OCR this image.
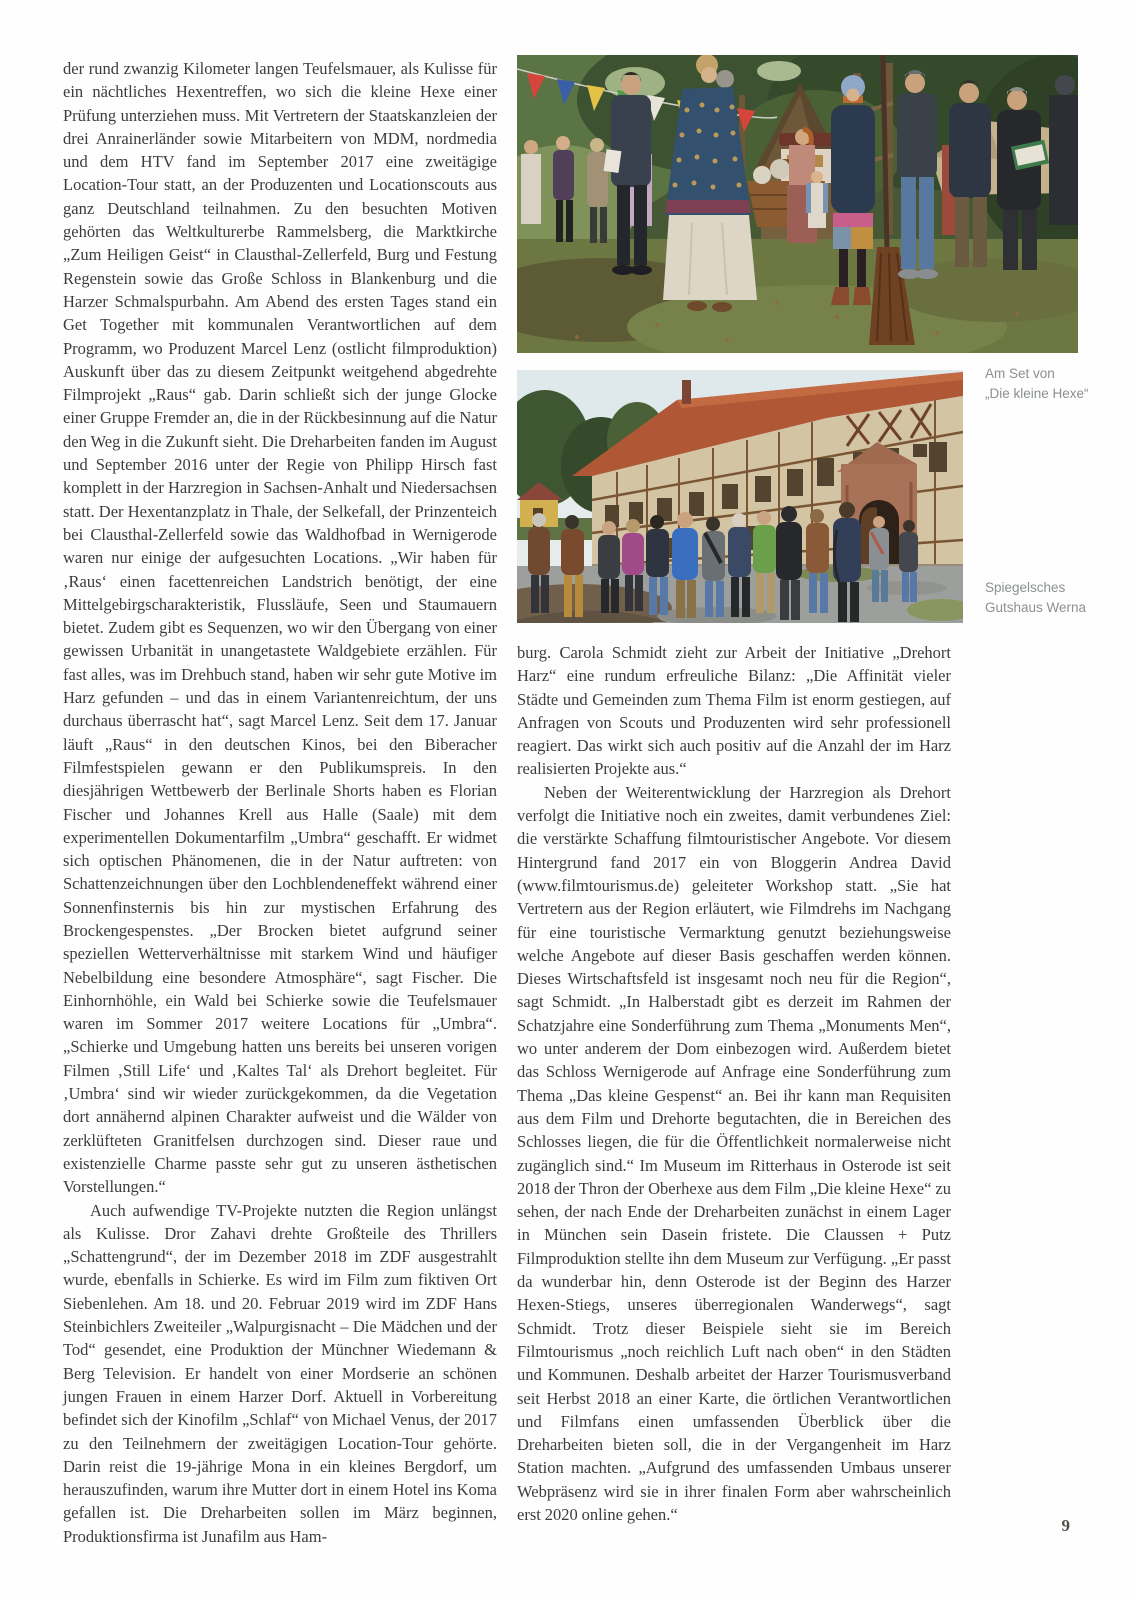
der rund zwanzig Kilometer langen Teufelsmauer, als Kulisse für ein nächtliches Hexentreffen, wo sich die kleine Hexe einer Prüfung unterziehen muss. Mit Vertretern der Staatskanzleien der drei Anrainerländer sowie Mitarbeitern von MDM, nordmedia und dem HTV fand im September 2017 eine zweitägige Location-Tour statt, an der Produzenten und Locationscouts aus ganz Deutschland teilnahmen. Zu den besuchten Motiven gehörten das Weltkulturerbe Rammelsberg, die Marktkirche „Zum Heiligen Geist“ in Clausthal-Zellerfeld, Burg und Festung Regenstein sowie das Große Schloss in Blankenburg und die Harzer Schmalspurbahn. Am Abend des ersten Tages stand ein Get Together mit kommunalen Verantwortlichen auf dem Programm, wo Produzent Marcel Lenz (ostlicht filmproduktion) Auskunft über das zu diesem Zeitpunkt weitgehend abgedrehte Filmprojekt „Raus“ gab. Darin schließt sich der junge Glocke einer Gruppe Fremder an, die in der Rückbesinnung auf die Natur den Weg in die Zukunft sieht. Die Dreharbeiten fanden im August und September 2016 unter der Regie von Philipp Hirsch fast komplett in der Harzregion in Sachsen-Anhalt und Niedersachsen statt. Der Hexentanzplatz in Thale, der Selkefall, der Prinzenteich bei Clausthal-Zellerfeld sowie das Waldhofbad in Wernigerode waren nur einige der aufgesuchten Locations. „Wir haben für ‚Raus‘ einen facettenreichen Landstrich benötigt, der eine Mittelgebirgscharakteristik, Flussläufe, Seen und Staumauern bietet. Zudem gibt es Sequenzen, wo wir den Übergang von einer gewissen Urbanität in unangetastete Waldgebiete erzählen. Für fast alles, was im Drehbuch stand, haben wir sehr gute Motive im Harz gefunden – und das in einem Variantenreichtum, der uns durchaus überrascht hat“, sagt Marcel Lenz. Seit dem 17. Januar läuft „Raus“ in den deutschen Kinos, bei den Biberacher Filmfestspielen gewann er den Publikumspreis. In den diesjährigen Wettbewerb der Berlinale Shorts haben es Florian Fischer und Johannes Krell aus Halle (Saale) mit dem experimentellen Dokumentarfilm „Umbra“ geschafft. Er widmet sich optischen Phänomenen, die in der Natur auftreten: von Schattenzeichnungen über den Lochblendeneffekt während einer Sonnenfinsternis bis hin zur mystischen Erfahrung des Brockengespenstes. „Der Brocken bietet aufgrund seiner speziellen Wetterverhältnisse mit starkem Wind und häufiger Nebelbildung eine besondere Atmosphäre“, sagt Fischer. Die Einhornhöhle, ein Wald bei Schierke sowie die Teufelsmauer waren im Sommer 2017 weitere Locations für „Umbra“. „Schierke und Umgebung hatten uns bereits bei unseren vorigen Filmen ‚Still Life‘ und ‚Kaltes Tal‘ als Drehort begleitet. Für ‚Umbra‘ sind wir wieder zurückgekommen, da die Vegetation dort annähernd alpinen Charakter aufweist und die Wälder von zerklüfteten Granitfelsen durchzogen sind. Dieser raue und existenzielle Charme passte sehr gut zu unseren ästhetischen Vorstellungen.“

Auch aufwendige TV-Projekte nutzten die Region unlängst als Kulisse. Dror Zahavi drehte Großteile des Thrillers „Schattengrund“, der im Dezember 2018 im ZDF ausgestrahlt wurde, ebenfalls in Schierke. Es wird im Film zum fiktiven Ort Siebenlehen. Am 18. und 20. Februar 2019 wird im ZDF Hans Steinbichlers Zweiteiler „Walpurgisnacht – Die Mädchen und der Tod“ gesendet, eine Produktion der Münchner Wiedemann & Berg Television. Er handelt von einer Mordserie an schönen jungen Frauen in einem Harzer Dorf. Aktuell in Vorbereitung befindet sich der Kinofilm „Schlaf“ von Michael Venus, der 2017 zu den Teilnehmern der zweitägigen Location-Tour gehörte. Darin reist die 19-jährige Mona in ein kleines Bergdorf, um herauszufinden, warum ihre Mutter dort in einem Hotel ins Koma gefallen ist. Die Dreharbeiten sollen im März beginnen, Produktionsfirma ist Junafilm aus Ham-

Am Set von
„Die kleine Hexe“
Spiegelsches
Gutshaus Werna

burg. Carola Schmidt zieht zur Arbeit der Initiative „Drehort Harz“ eine rundum erfreuliche Bilanz: „Die Affinität vieler Städte und Gemeinden zum Thema Film ist enorm gestiegen, auf Anfragen von Scouts und Produzenten wird sehr professionell reagiert. Das wirkt sich auch positiv auf die Anzahl der im Harz realisierten Projekte aus.“

Neben der Weiterentwicklung der Harzregion als Drehort verfolgt die Initiative noch ein zweites, damit verbundenes Ziel: die verstärkte Schaffung filmtouristischer Angebote. Vor diesem Hintergrund fand 2017 ein von Bloggerin Andrea David (www.filmtourismus.de) geleiteter Workshop statt. „Sie hat Vertretern aus der Region erläutert, wie Filmdrehs im Nachgang für eine touristische Vermarktung genutzt beziehungsweise welche Angebote auf dieser Basis geschaffen werden können. Dieses Wirtschaftsfeld ist insgesamt noch neu für die Region“, sagt Schmidt. „In Halberstadt gibt es derzeit im Rahmen der Schatzjahre eine Sonderführung zum Thema „Monuments Men“, wo unter anderem der Dom einbezogen wird. Außerdem bietet das Schloss Wernigerode auf Anfrage eine Sonderführung zum Thema „Das kleine Gespenst“ an. Bei ihr kann man Requisiten aus dem Film und Drehorte begutachten, die in Bereichen des Schlosses liegen, die für die Öffentlichkeit normalerweise nicht zugänglich sind.“ Im Museum im Ritterhaus in Osterode ist seit 2018 der Thron der Oberhexe aus dem Film „Die kleine Hexe“ zu sehen, der nach Ende der Dreharbeiten zunächst in einem Lager in München sein Dasein fristete. Die Claussen + Putz Filmproduktion stellte ihn dem Museum zur Verfügung. „Er passt da wunderbar hin, denn Osterode ist der Beginn des Harzer Hexen-Stiegs, unseres überregionalen Wanderwegs“, sagt Schmidt. Trotz dieser Beispiele sieht sie im Bereich Filmtourismus „noch reichlich Luft nach oben“ in den Städten und Kommunen. Deshalb arbeitet der Harzer Tourismusverband seit Herbst 2018 an einer Karte, die örtlichen Verantwortlichen und Filmfans einen umfassenden Überblick über die Dreharbeiten bieten soll, die in der Vergangenheit im Harz Station machten. „Aufgrund des umfassenden Umbaus unserer Webpräsenz wird sie in ihrer finalen Form aber wahrscheinlich erst 2020 online gehen.“

9
